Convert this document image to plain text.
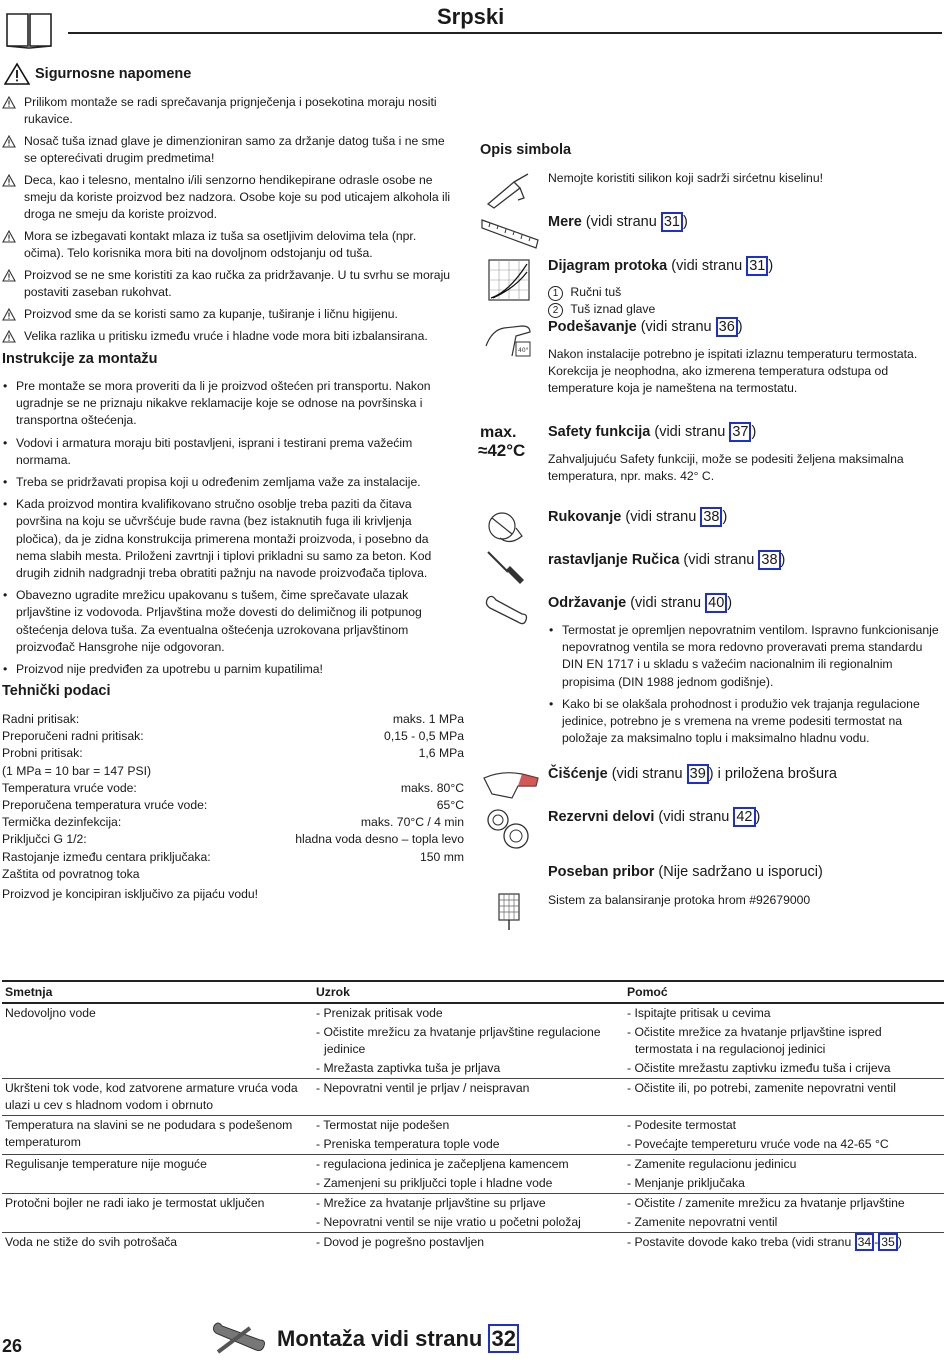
Srpski
Sigurnosne napomene
Prilikom montaže se radi sprečavanja prignječenja i posekotina moraju nositi rukavice.
Nosač tuša iznad glave je dimenzioniran samo za držanje datog tuša i ne sme se opterećivati drugim predmetima!
Deca, kao i telesno, mentalno i/ili senzorno hendikepirane odrasle osobe ne smeju da koriste proizvod bez nadzora. Osobe koje su pod uticajem alkohola ili droga ne smeju da koriste proizvod.
Mora se izbegavati kontakt mlaza iz tuša sa osetljivim delovima tela (npr. očima). Telo korisnika mora biti na dovoljnom odstojanju od tuša.
Proizvod se ne sme koristiti za kao ručka za pridržavanje. U tu svrhu se moraju postaviti zaseban rukohvat.
Proizvod sme da se koristi samo za kupanje, tuširanje i ličnu higijenu.
Velika razlika u pritisku između vruće i hladne vode mora biti izbalansirana.
Instrukcije za montažu
• Pre montaže se mora proveriti da li je proizvod oštećen pri transportu. Nakon ugradnje se ne priznaju nikakve reklamacije koje se odnose na površinska i transportna oštećenja.
• Vodovi i armatura moraju biti postavljeni, isprani i testirani prema važećim normama.
• Treba se pridržavati propisa koji u određenim zemljama važe za instalacije.
• Kada proizvod montira kvalifikovano stručno osoblje treba paziti da čitava površina na koju se učvršćuje bude ravna (bez istaknutih fuga ili krivljenja pločica), da je zidna konstrukcija primerena montaži proizvoda, i posebno da nema slabih mesta. Priloženi zavrtnji i tiplovi prikladni su samo za beton. Kod drugih zidnih nadgradnji treba obratiti pažnju na navode proizvođača tiplova.
• Obavezno ugradite mrežicu upakovanu s tušem, čime sprečavate ulazak prljavštine iz vodovoda. Prljavština može dovesti do delimičnog ili potpunog oštećenja delova tuša. Za eventualna oštećenja uzrokovana prljavštinom proizvođač Hansgrohe nije odgovoran.
• Proizvod nije predviđen za upotrebu u parnim kupatilima!
Tehnički podaci
Radni pritisak:	maks. 1 MPa
Preporučeni radni pritisak:	0,15 - 0,5 MPa
Probni pritisak:	1,6 MPa
(1 MPa = 10 bar = 147 PSI)
Temperatura vruće vode:	maks. 80°C
Preporučena temperatura vruće vode:	65°C
Termička dezinfekcija:	maks. 70°C / 4 min
Priključci G 1/2:	hladna voda desno – topla levo
Rastojanje između centara priključaka:	150 mm
Zaštita od povratnog toka
Proizvod je koncipiran isključivo za pijaću vodu!
Opis simbola
Nemojte koristiti silikon koji sadrži sirćetnu kiselinu!
Mere (vidi stranu 31 )
Dijagram protoka (vidi stranu 31 )
1 Ručni tuš
2 Tuš iznad glave
40°
Podešavanje (vidi stranu 36 )
Nakon instalacije potrebno je ispitati izlaznu temperaturu termostata. Korekcija je neophodna, ako izmerena temperatura odstupa od temperature koja je nameštena na termostatu.
max.
≈42°C
Safety funkcija (vidi stranu 37 )
Zahvaljujuću Safety funkciji, može se podesiti željena maksimalna temperatura, npr. maks. 42° C.
Rukovanje (vidi stranu 38 )
rastavljanje Ručica (vidi stranu 38 )
Održavanje (vidi stranu 40 )
• Termostat je opremljen nepovratnim ventilom. Ispravno funkcionisanje nepovratnog ventila se mora redovno proveravati prema standardu DIN EN 1717 i u skladu s važećim nacionalnim ili regionalnim propisima (DIN 1988 jednom godišnje).
• Kako bi se olakšala prohodnost i produžio vek trajanja regulacione jedinice, potrebno je s vremena na vreme podesiti termostat na položaje za maksimalno toplu i maksimalno hladnu vodu.
Čišćenje (vidi stranu 39 ) i priložena brošura
Rezervni delovi (vidi stranu 42 )
Poseban pribor (Nije sadržano u isporuci)
Sistem za balansiranje protoka hrom #92679000
Smetnja	Uzrok	Pomoć
Nedovoljno vode	- Prenizak pritisak vode	- Ispitajte pritisak u cevima

	- Očistite mrežicu za hvatanje prljavštine regulacione jedinice	- Očistite mrežice za hvatanje prljavštine ispred termostata i na regulacionoj jedinici

	- Mrežasta zaptivka tuša je prljava	- Očistite mrežastu zaptivku između tuša i crijeva

Ukršteni tok vode, kod zatvorene armature vruća voda ulazi u cev s hladnom vodom i obrnuto	- Nepovratni ventil je prljav / neispravan	- Očistite ili, po potrebi, zamenite nepovratni ventil

Temperatura na slavini se ne podudara s podešenom temperaturom	- Termostat nije podešen	- Podesite termostat

	- Preniska temperatura tople vode	- Povećajte tempereturu vruće vode na 42-65 °C

Regulisanje temperature nije moguće	- regulaciona jedinica je začepljena kamencem	- Zamenite regulacionu jedinicu

	- Zamenjeni su priključci tople i hladne vode	- Menjanje priključaka

Protočni bojler ne radi iako je termostat uključen	- Mrežice za hvatanje prljavštine su prljave	- Očistite / zamenite mrežicu za hvatanje prljavštine

	- Nepovratni ventil se nije vratio u početni položaj	- Zamenite nepovratni ventil

Voda ne stiže do svih potrošača	- Dovod je pogrešno postavljen	- Postavite dovode kako treba (vidi stranu 34 - 35 )
26	Montaža vidi stranu 32
